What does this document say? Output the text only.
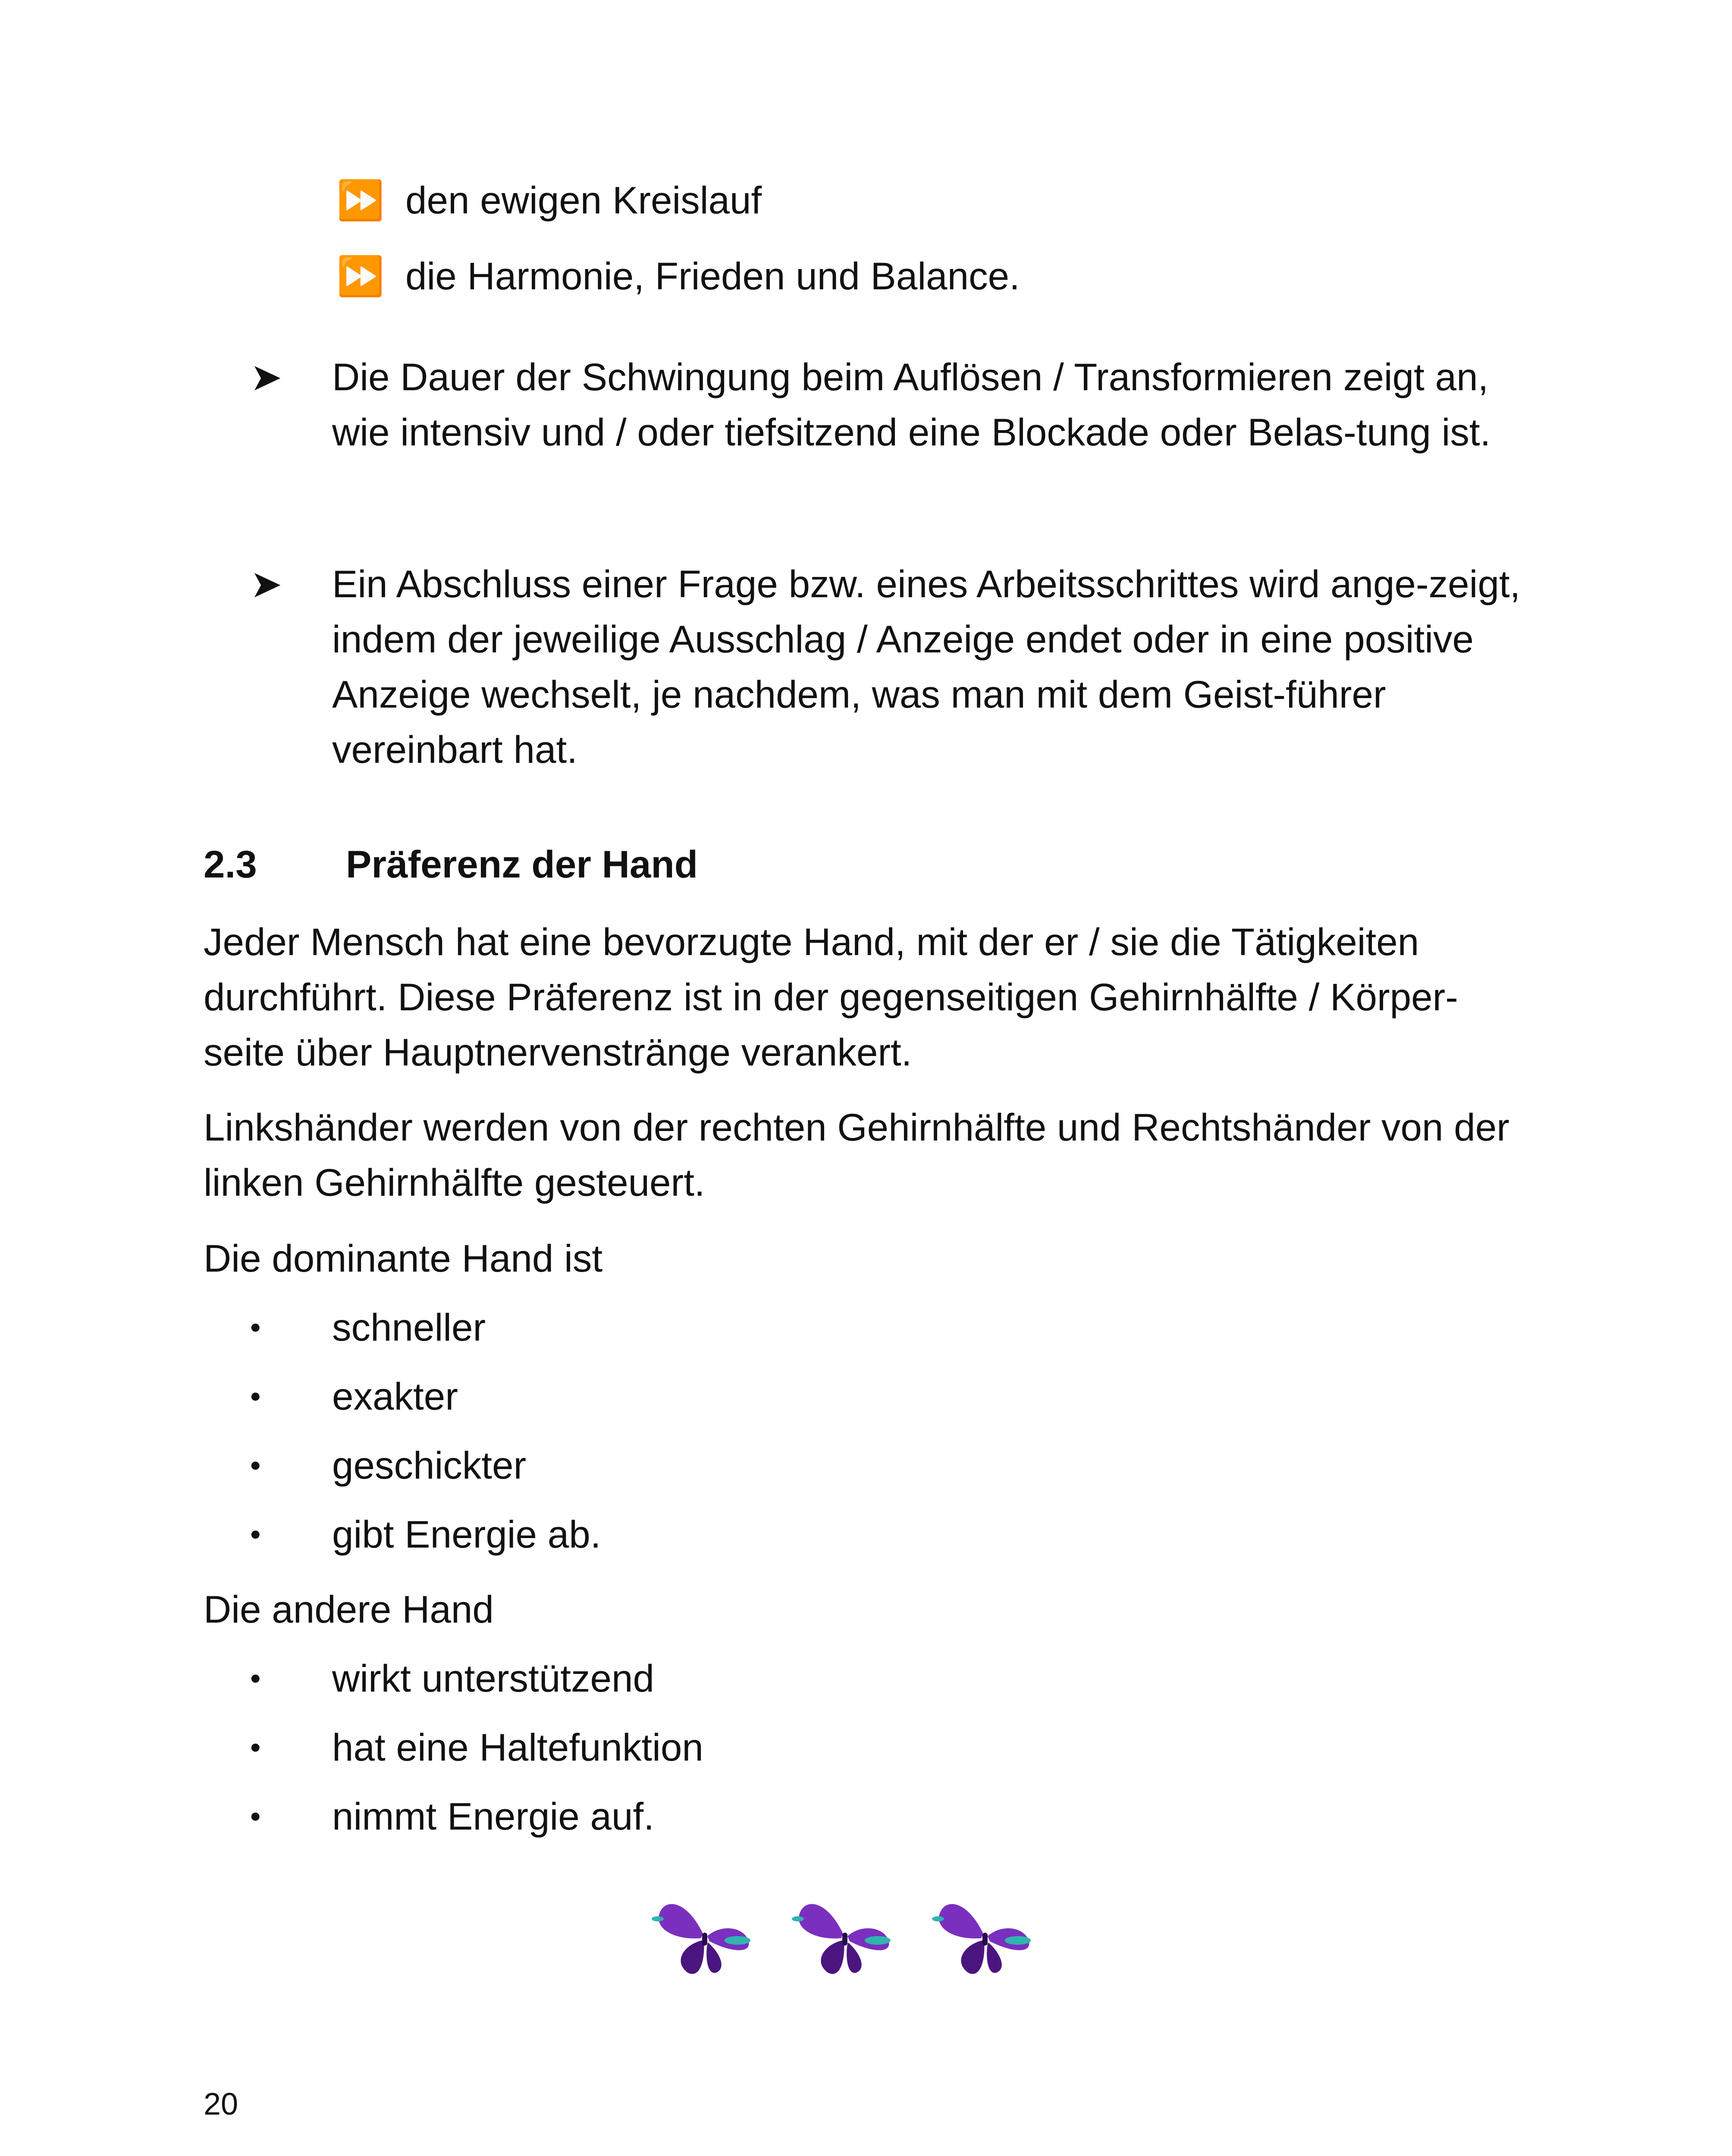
⏩ den ewigen Kreislauf
⏩ die Harmonie, Frieden und Balance.
➤	Die Dauer der Schwingung beim Auflösen / Transformieren zeigt an, wie intensiv und / oder tiefsitzend eine Blockade oder Belas-tung ist.
➤	Ein Abschluss einer Frage bzw. eines Arbeitsschrittes wird ange-zeigt, indem der jeweilige Ausschlag / Anzeige endet oder in eine positive Anzeige wechselt, je nachdem, was man mit dem Geist-führer vereinbart hat.
2.3	Präferenz der Hand
Jeder Mensch hat eine bevorzugte Hand, mit der er / sie die Tätigkeiten durchführt. Diese Präferenz ist in der gegenseitigen Gehirnhälfte / Körper-seite über Hauptnervenstränge verankert.
Linkshänder werden von der rechten Gehirnhälfte und Rechtshänder von der linken Gehirnhälfte gesteuert.
Die dominante Hand ist
•	schneller
•	exakter
•	geschickter
•	gibt Energie ab.
Die andere Hand
•	wirkt unterstützend
•	hat eine Haltefunktion
•	nimmt Energie auf.
20
